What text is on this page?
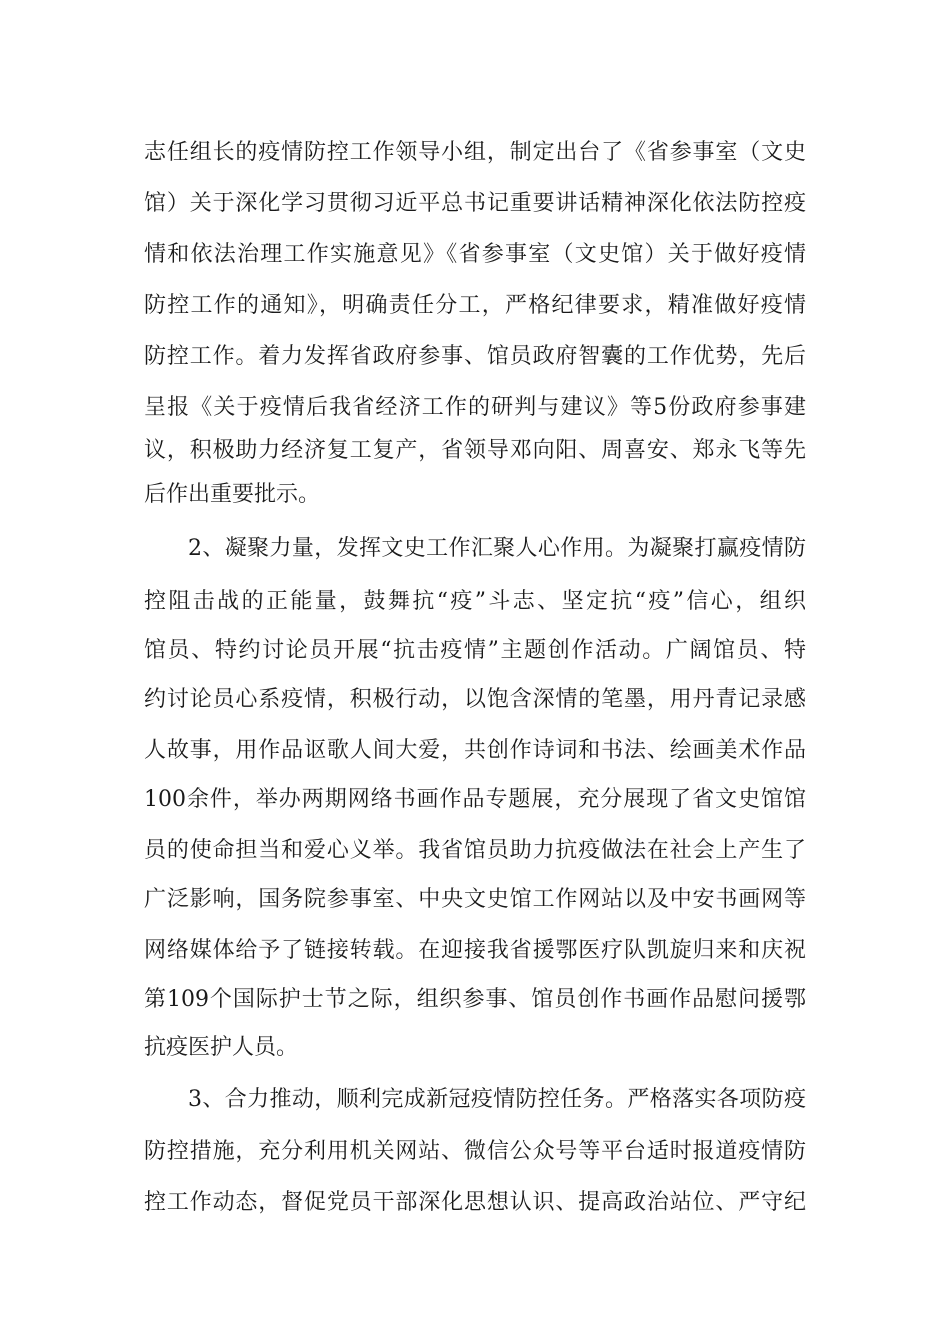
志任组长的疫情防控工作领导小组，制定出台了《省参事室（文史
馆）关于深化学习贯彻习近平总书记重要讲话精神深化依法防控疫
情和依法治理工作实施意见》《省参事室（文史馆）关于做好疫情
防控工作的通知》，明确责任分工，严格纪律要求，精准做好疫情
防控工作。着力发挥省政府参事、馆员政府智囊的工作优势，先后
呈报《关于疫情后我省经济工作的研判与建议》等5份政府参事建
议，积极助力经济复工复产，省领导邓向阳、周喜安、郑永飞等先
后作出重要批示。
2、凝聚力量，发挥文史工作汇聚人心作用。为凝聚打赢疫情防
控阻击战的正能量，鼓舞抗“疫”斗志、坚定抗“疫”信心，组织
馆员、特约讨论员开展“抗击疫情”主题创作活动。广阔馆员、特
约讨论员心系疫情，积极行动，以饱含深情的笔墨，用丹青记录感
人故事，用作品讴歌人间大爱，共创作诗词和书法、绘画美术作品
100余件，举办两期网络书画作品专题展，充分展现了省文史馆馆
员的使命担当和爱心义举。我省馆员助力抗疫做法在社会上产生了
广泛影响，国务院参事室、中央文史馆工作网站以及中安书画网等
网络媒体给予了链接转载。在迎接我省援鄂医疗队凯旋归来和庆祝
第109个国际护士节之际，组织参事、馆员创作书画作品慰问援鄂
抗疫医护人员。
3、合力推动，顺利完成新冠疫情防控任务。严格落实各项防疫
防控措施，充分利用机关网站、微信公众号等平台适时报道疫情防
控工作动态，督促党员干部深化思想认识、提高政治站位、严守纪
